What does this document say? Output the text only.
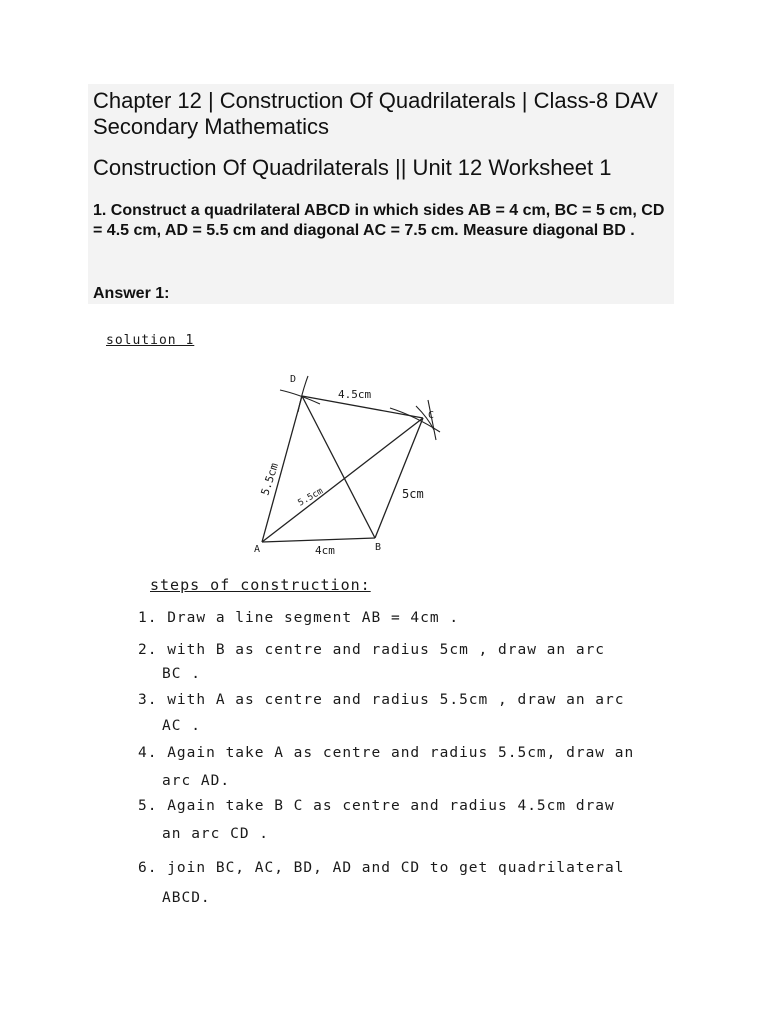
Chapter 12 | Construction Of Quadrilaterals | Class-8 DAV Secondary Mathematics
Construction Of Quadrilaterals || Unit 12 Worksheet 1

1. Construct a quadrilateral ABCD in which sides AB = 4 cm, BC = 5 cm, CD = 4.5 cm, AD = 5.5 cm and diagonal AC = 7.5 cm. Measure diagonal BD .

Answer 1:

solution 1
A	B
C
D
4cm
5cm
4.5cm
5.5cm
5.5cm
steps of construction:
1. Draw a line segment AB = 4cm .
2. with B as centre and radius 5cm , draw an arc
BC .
3. with A as centre and radius 5.5cm , draw an arc
AC .
4. Again take A as centre and radius 5.5cm, draw an
arc AD.
5. Again take B C as centre and radius 4.5cm draw
an arc CD .
6. join BC, AC, BD, AD and CD to get quadrilateral
ABCD.
